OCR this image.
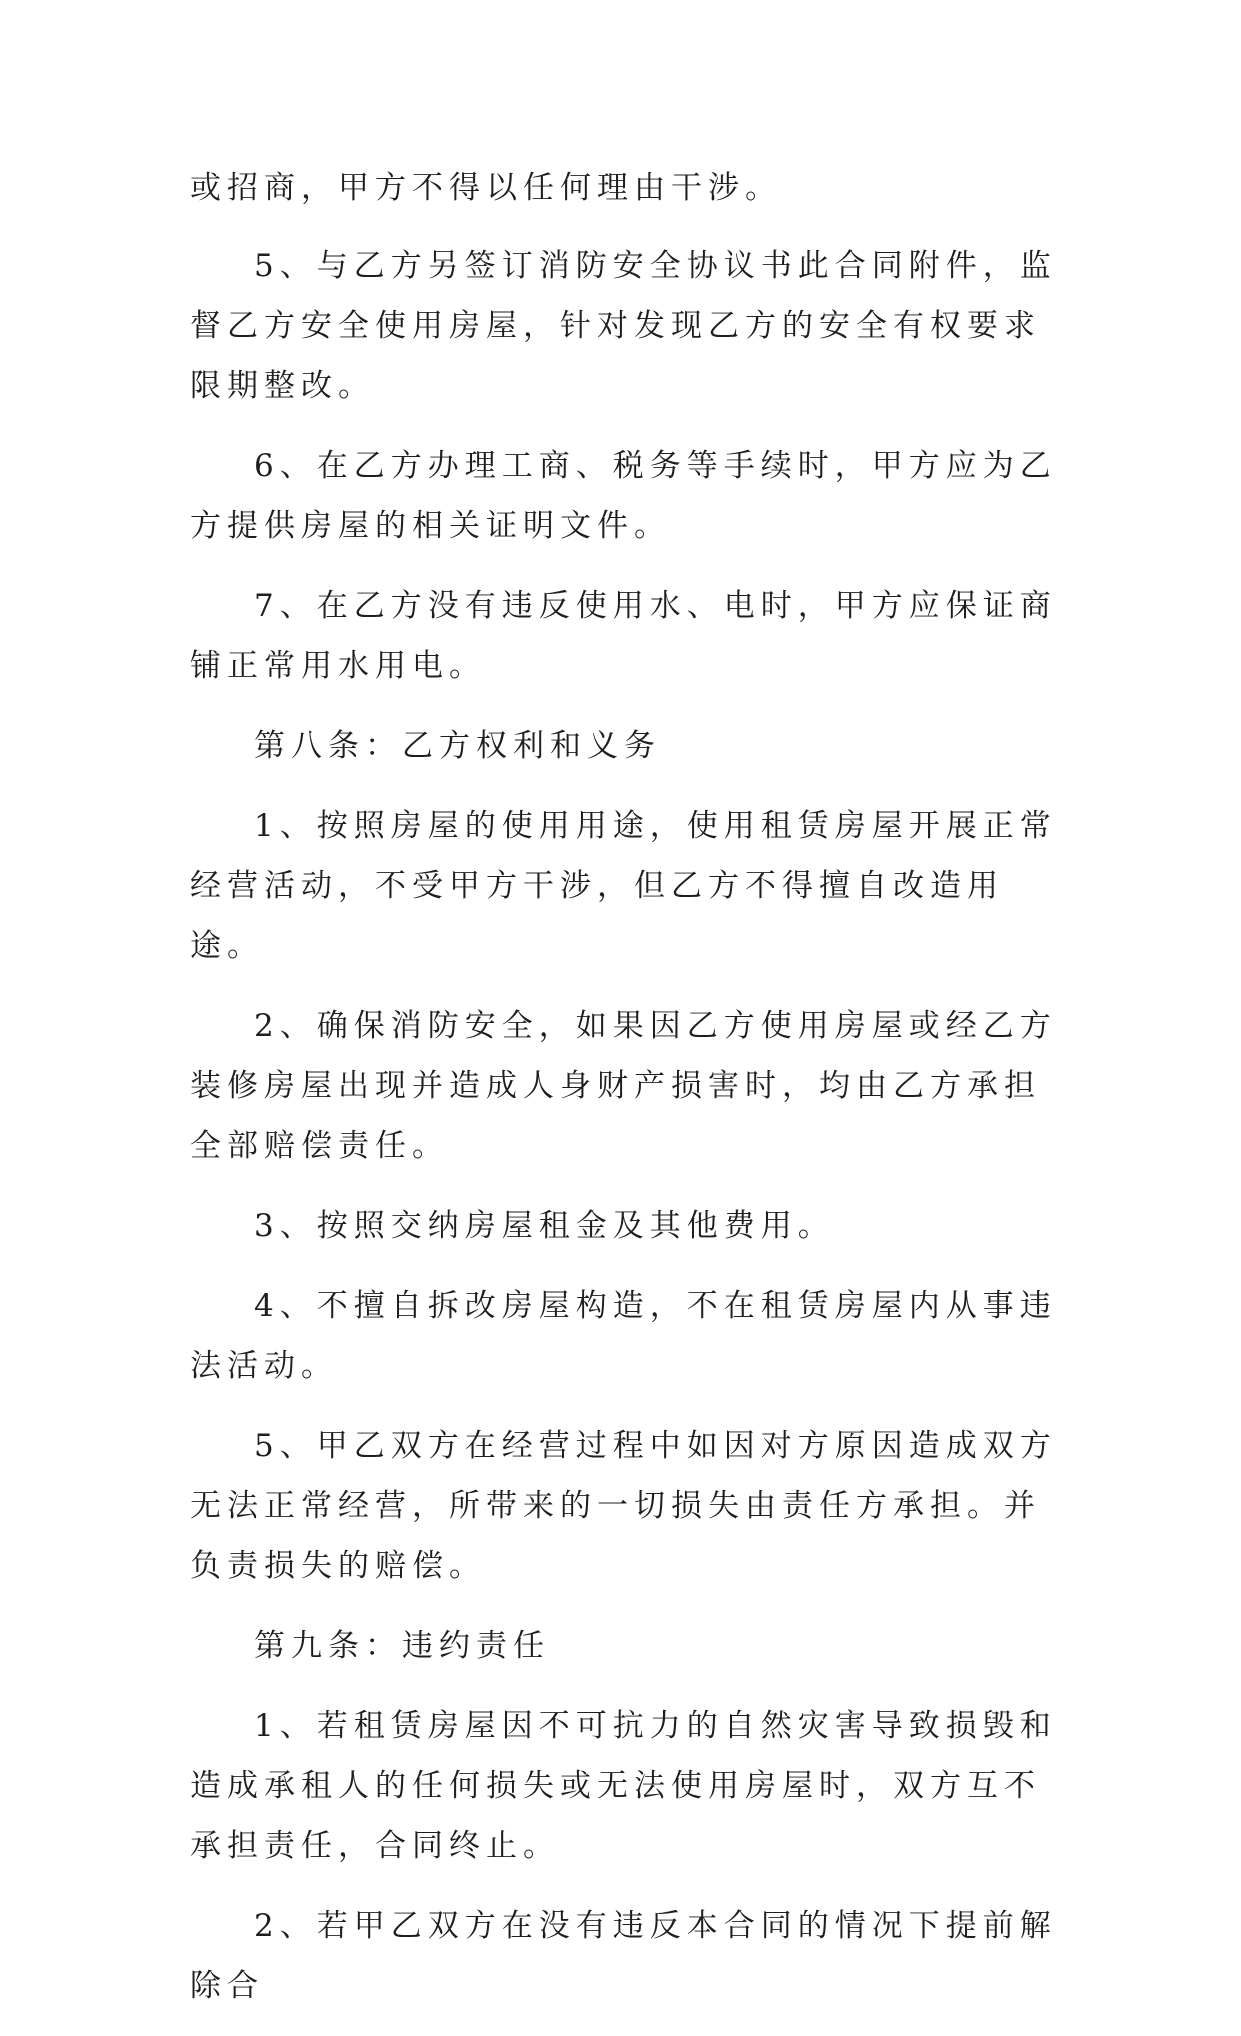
或招商，甲方不得以任何理由干涉。

5、与乙方另签订消防安全协议书此合同附件，监督乙方安全使用房屋，针对发现乙方的安全有权要求限期整改。

6、在乙方办理工商、税务等手续时，甲方应为乙方提供房屋的相关证明文件。

7、在乙方没有违反使用水、电时，甲方应保证商铺正常用水用电。

第八条：乙方权利和义务

1、按照房屋的使用用途，使用租赁房屋开展正常经营活动，不受甲方干涉，但乙方不得擅自改造用途。

2、确保消防安全，如果因乙方使用房屋或经乙方装修房屋出现并造成人身财产损害时，均由乙方承担全部赔偿责任。

3、按照交纳房屋租金及其他费用。

4、不擅自拆改房屋构造，不在租赁房屋内从事违法活动。

5、甲乙双方在经营过程中如因对方原因造成双方无法正常经营，所带来的一切损失由责任方承担。并负责损失的赔偿。

第九条：违约责任

1、若租赁房屋因不可抗力的自然灾害导致损毁和造成承租人的任何损失或无法使用房屋时，双方互不承担责任，合同终止。

2、若甲乙双方在没有违反本合同的情况下提前解除合
